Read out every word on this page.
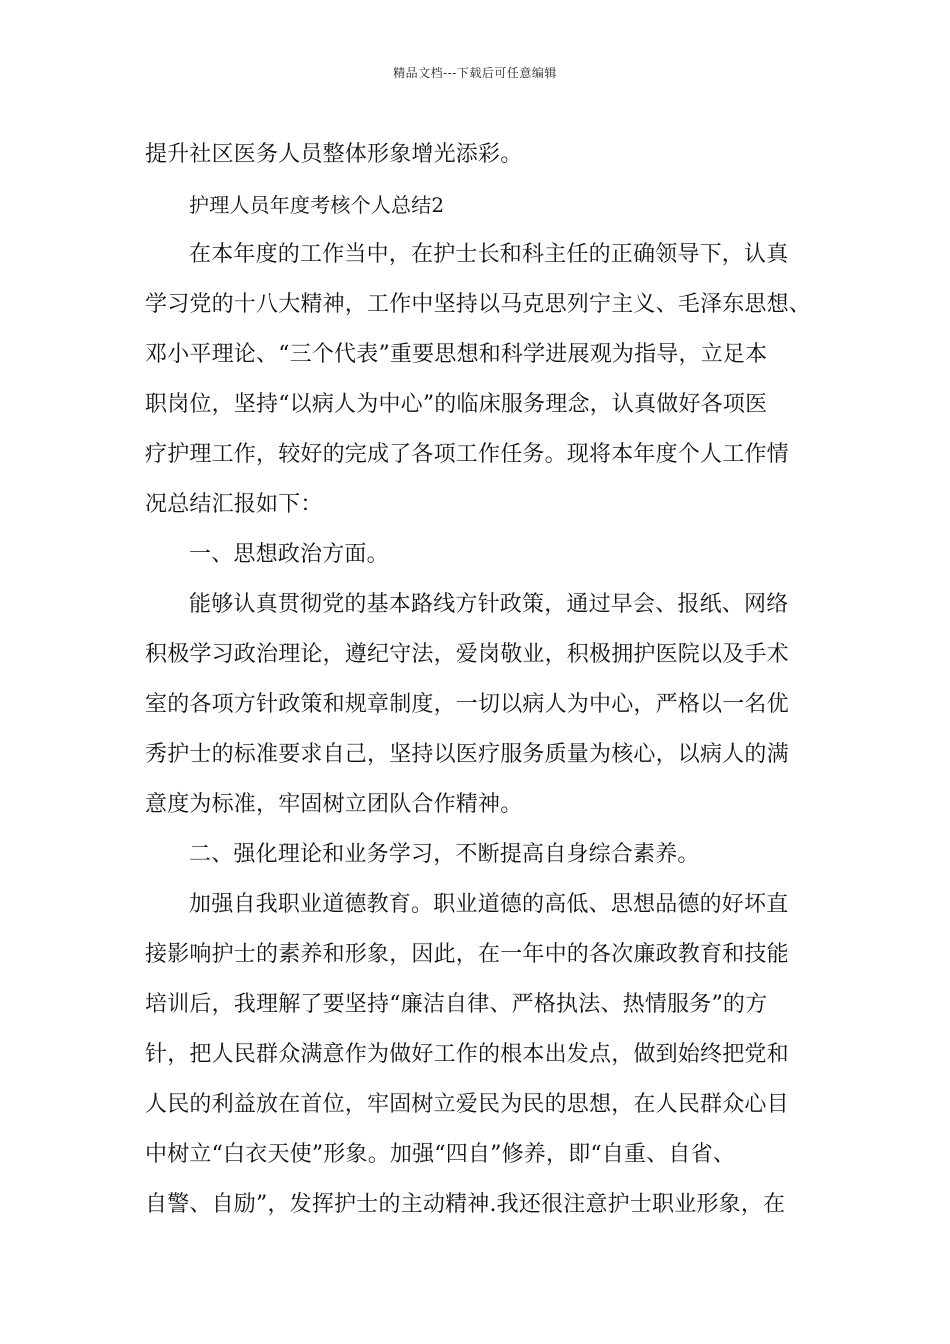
精品文档---下载后可任意编辑
提升社区医务人员整体形象增光添彩。
护理人员年度考核个人总结2
在本年度的工作当中，在护士长和科主任的正确领导下，认真
学习党的十八大精神，工作中坚持以马克思列宁主义、毛泽东思想、
邓小平理论、“三个代表”重要思想和科学进展观为指导，立足本
职岗位，坚持“以病人为中心”的临床服务理念，认真做好各项医
疗护理工作，较好的完成了各项工作任务。现将本年度个人工作情
况总结汇报如下：
一、思想政治方面。
能够认真贯彻党的基本路线方针政策，通过早会、报纸、网络
积极学习政治理论，遵纪守法，爱岗敬业，积极拥护医院以及手术
室的各项方针政策和规章制度，一切以病人为中心，严格以一名优
秀护士的标准要求自己，坚持以医疗服务质量为核心，以病人的满
意度为标准，牢固树立团队合作精神。
二、强化理论和业务学习，不断提高自身综合素养。
加强自我职业道德教育。职业道德的高低、思想品德的好坏直
接影响护士的素养和形象，因此，在一年中的各次廉政教育和技能
培训后，我理解了要坚持“廉洁自律、严格执法、热情服务”的方
针，把人民群众满意作为做好工作的根本出发点，做到始终把党和
人民的利益放在首位，牢固树立爱民为民的思想，在人民群众心目
中树立“白衣天使”形象。加强“四自”修养，即“自重、自省、
自警、自励”，发挥护士的主动精神.我还很注意护士职业形象，在
